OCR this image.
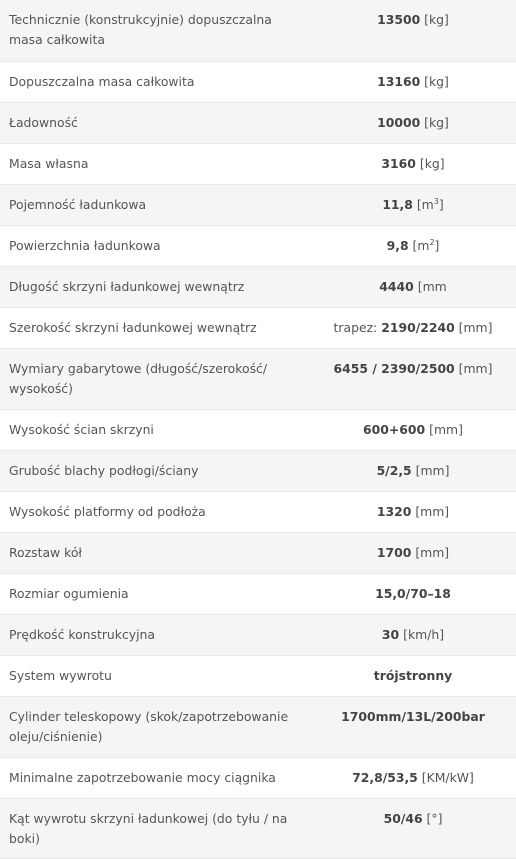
Technicznie (konstrukcyjnie) dopuszczalna masa całkowita	13500 [kg]
Dopuszczalna masa całkowita	13160 [kg]
Ładowność	10000 [kg]
Masa własna	3160 [kg]
Pojemność ładunkowa	11,8 $[m^3]$
Powierzchnia ładunkowa	9,8 $[m^2]$
Długość skrzyni ładunkowej wewnątrz	4440 [mm
Szerokość skrzyni ładunkowej wewnątrz	trapez: 2190/2240 [mm]
Wymiary gabarytowe (długość/szerokość/ wysokość)	6455 / 2390/2500 [mm]
Wysokość ścian skrzyni	600+600 [mm]
Grubość blachy podłogi/ściany	5/2,5 [mm]
Wysokość platformy od podłoża	1320 [mm]
Rozstaw kół	1700 [mm]
Rozmiar ogumienia	15,0/70–18
Prędkość konstrukcyjna	30 [km/h]
System wywrotu	trójstronny
Cylinder teleskopowy (skok/zapotrzebowanie oleju/ciśnienie)	1700mm/13L/200bar
Minimalne zapotrzebowanie mocy ciągnika	72,8/53,5 [KM/kW]
Kąt wywrotu skrzyni ładunkowej (do tyłu / na boki)	50/46 [°]
